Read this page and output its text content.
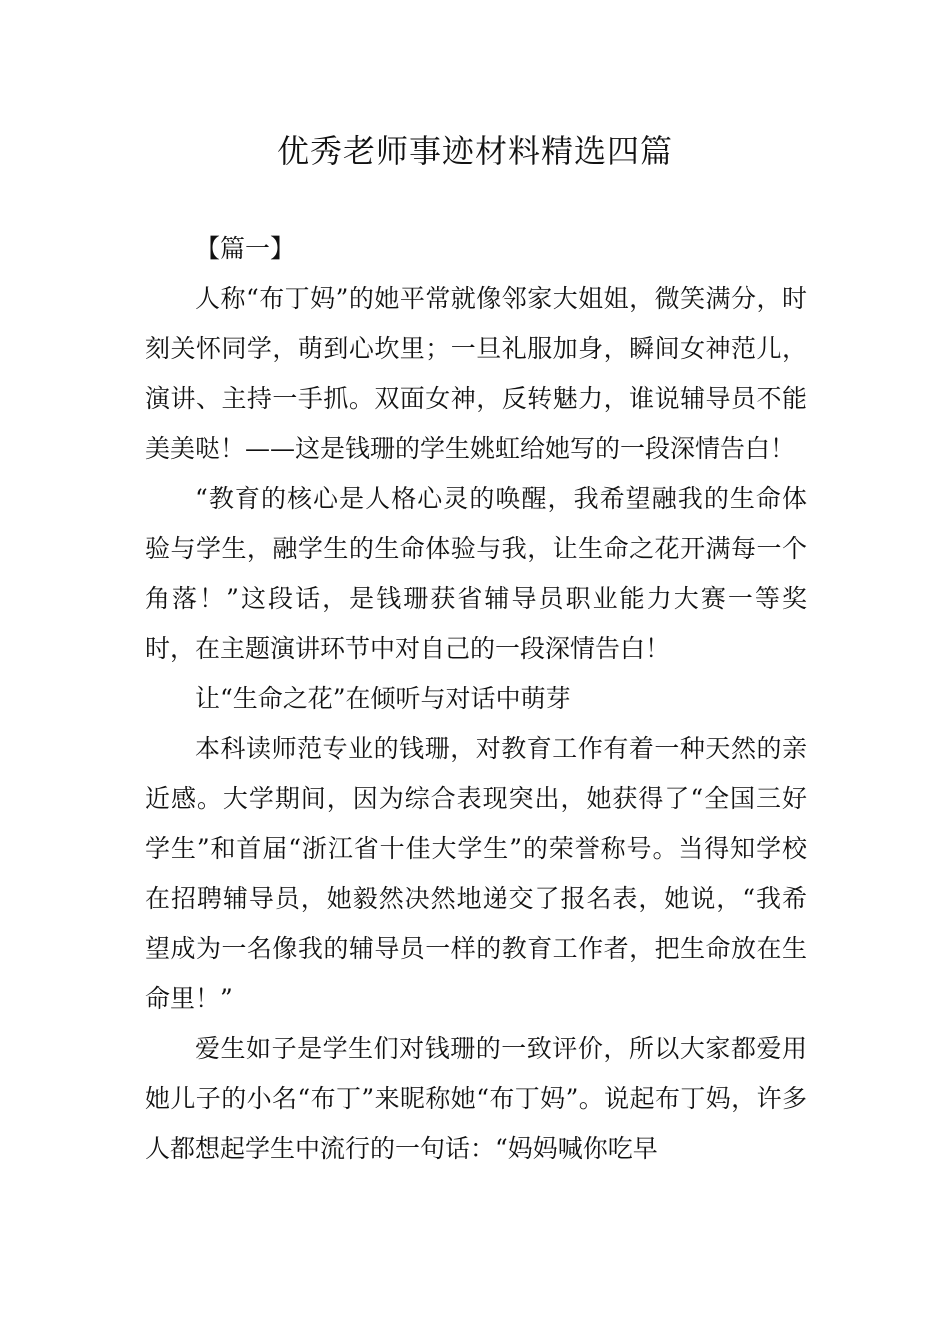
优秀老师事迹材料精选四篇

【篇一】

人称“布丁妈”的她平常就像邻家大姐姐，微笑满分，时刻关怀同学，萌到心坎里；一旦礼服加身，瞬间女神范儿，演讲、主持一手抓。双面女神，反转魅力，谁说辅导员不能美美哒！——这是钱珊的学生姚虹给她写的一段深情告白！

“教育的核心是人格心灵的唤醒，我希望融我的生命体验与学生，融学生的生命体验与我，让生命之花开满每一个角落！”这段话，是钱珊获省辅导员职业能力大赛一等奖时，在主题演讲环节中对自己的一段深情告白！

让“生命之花”在倾听与对话中萌芽

本科读师范专业的钱珊，对教育工作有着一种天然的亲近感。大学期间，因为综合表现突出，她获得了“全国三好学生”和首届“浙江省十佳大学生”的荣誉称号。当得知学校在招聘辅导员，她毅然决然地递交了报名表，她说，“我希望成为一名像我的辅导员一样的教育工作者，把生命放在生命里！”

爱生如子是学生们对钱珊的一致评价，所以大家都爱用她儿子的小名“布丁”来昵称她“布丁妈”。说起布丁妈，许多人都想起学生中流行的一句话：“妈妈喊你吃早
